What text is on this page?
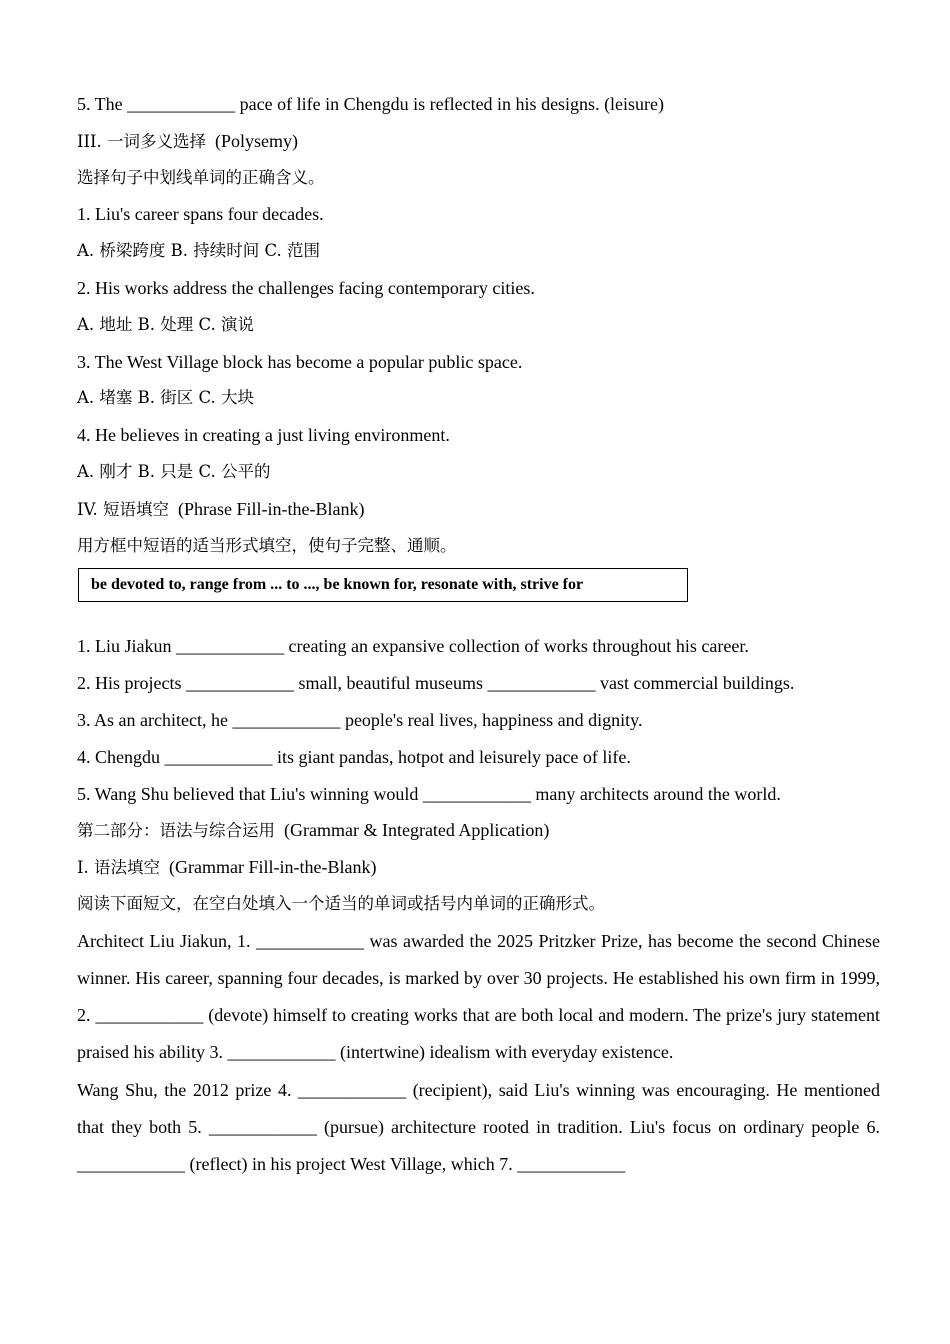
5. The ____________ pace of life in Chengdu is reflected in his designs. (leisure)
III. 一词多义选择 (Polysemy)
选择句子中划线单词的正确含义。
1. Liu's career spans four decades.
A. 桥梁跨度 B. 持续时间 C. 范围
2. His works address the challenges facing contemporary cities.
A. 地址 B. 处理 C. 演说
3. The West Village block has become a popular public space.
A. 堵塞 B. 街区 C. 大块
4. He believes in creating a just living environment.
A. 刚才 B. 只是 C. 公平的
IV. 短语填空 (Phrase Fill-in-the-Blank)
用方框中短语的适当形式填空，使句子完整、通顺。
be devoted to, range from ... to ..., be known for, resonate with, strive for
1. Liu Jiakun ____________ creating an expansive collection of works throughout his career.
2. His projects ____________ small, beautiful museums ____________ vast commercial buildings.
3. As an architect, he ____________ people's real lives, happiness and dignity.
4. Chengdu ____________ its giant pandas, hotpot and leisurely pace of life.
5. Wang Shu believed that Liu's winning would ____________ many architects around the world.
第二部分：语法与综合运用 (Grammar & Integrated Application)
I. 语法填空 (Grammar Fill-in-the-Blank)
阅读下面短文，在空白处填入一个适当的单词或括号内单词的正确形式。
Architect Liu Jiakun, 1. ____________ was awarded the 2025 Pritzker Prize, has become the second Chinese winner. His career, spanning four decades, is marked by over 30 projects. He established his own firm in 1999, 2. ____________ (devote) himself to creating works that are both local and modern. The prize's jury statement praised his ability 3. ____________ (intertwine) idealism with everyday existence.
Wang Shu, the 2012 prize 4. ____________ (recipient), said Liu's winning was encouraging. He mentioned that they both 5. ____________ (pursue) architecture rooted in tradition. Liu's focus on ordinary people 6. ____________ (reflect) in his project West Village, which 7. ____________
